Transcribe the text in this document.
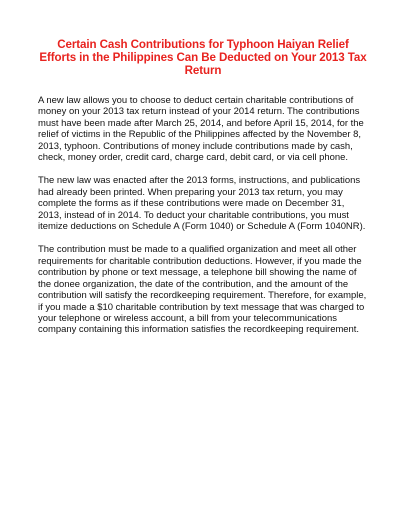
Certain Cash Contributions for Typhoon Haiyan Relief Efforts in the Philippines Can Be Deducted on Your 2013 Tax Return

A new law allows you to choose to deduct certain charitable contributions of money on your 2013 tax return instead of your 2014 return. The contributions must have been made after March 25, 2014, and before April 15, 2014, for the relief of victims in the Republic of the Philippines affected by the November 8, 2013, typhoon. Contributions of money include contributions made by cash, check, money order, credit card, charge card, debit card, or via cell phone.

The new law was enacted after the 2013 forms, instructions, and publications had already been printed. When preparing your 2013 tax return, you may complete the forms as if these contributions were made on December 31, 2013, instead of in 2014. To deduct your charitable contributions, you must itemize deductions on Schedule A (Form 1040) or Schedule A (Form 1040NR).

The contribution must be made to a qualified organization and meet all other requirements for charitable contribution deductions. However, if you made the contribution by phone or text message, a telephone bill showing the name of the donee organization, the date of the contribution, and the amount of the contribution will satisfy the recordkeeping requirement. Therefore, for example, if you made a $10 charitable contribution by text message that was charged to your telephone or wireless account, a bill from your telecommunications company containing this information satisfies the recordkeeping requirement.
